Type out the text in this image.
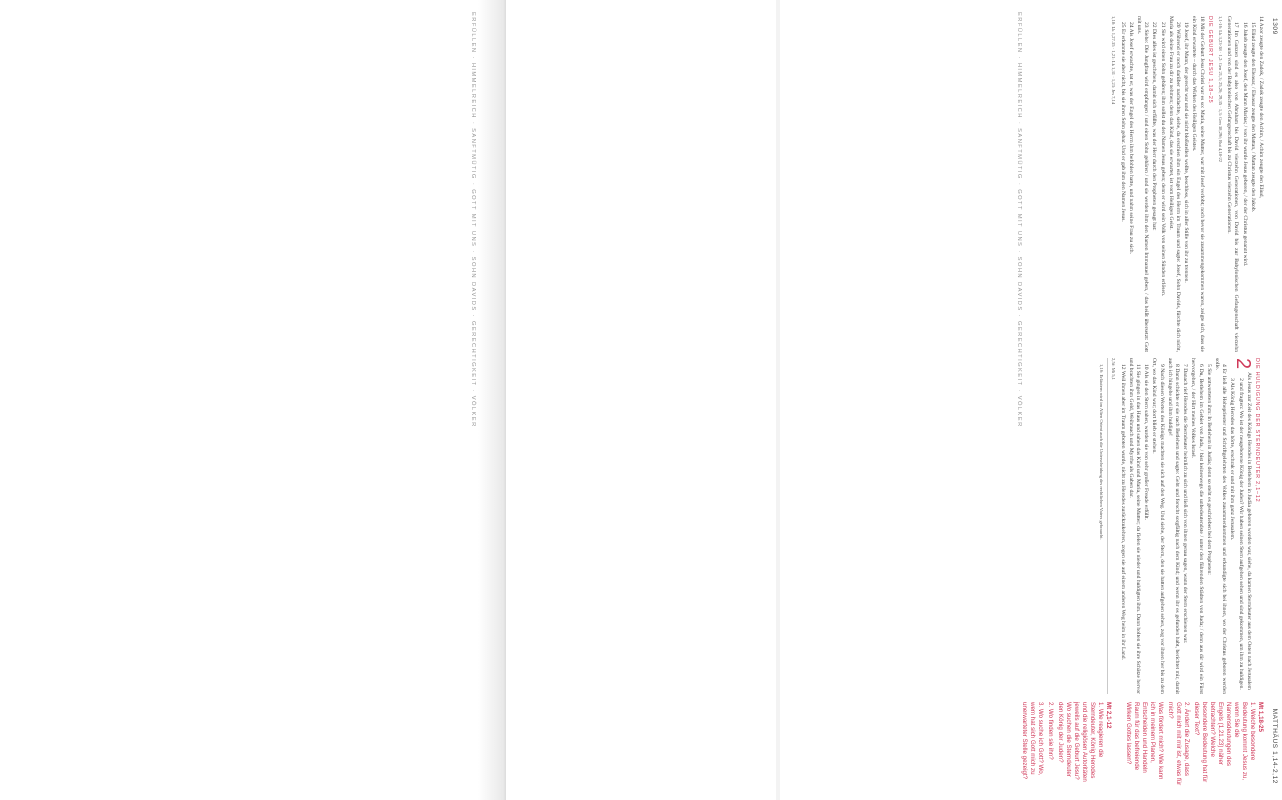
ERFÜLLEN · HIMMELREICH · SANFTMÜTIG · GOTT MIT UNS · SOHN DAVIDS · GERECHTIGKEIT · VÖLKER	1309
MATTHÄUS 1,14-2,12

14 Azor zeugte den Zadok, / Zadok zeugte den Achim, / Achim zeugte den Eliud,

15 Eliud zeugte den Eleasar, / Eleasar zeugte den Mattan, / Mattan zeugte den Jakob.

16 Jakob zeugte den Josef, den Mann Marias; / von ihr wurde Jesus geboren, / der der Christus genannt wird.

17 Im Ganzen sind es also von Abraham bis David vierzehn Generationen, von David bis zur Babylonischen Gefangenschaft vierzehn Generationen und von der Babylonischen Gefangenschaft bis zu Christus vierzehn Generationen.

1,1-16: Lk 3,23-38 · 1,2: Gen 21,3; 25,26; 29,35 · 1,3: Gen 38,29f; Rut 4,18-22

DIE GEBURT JESU 1,18–25

18 Mit der Geburt Jesu Christi war es so: Maria, seine Mutter, war mit Josef verlobt; noch bevor sie zusammengekommen waren, zeigte sich, dass sie ein Kind erwartete – durch das Wirken des Heiligen Geistes.

19 Josef, ihr Mann, der gerecht war und sie nicht bloßstellen wollte, beschloss, sich in aller Stille von ihr zu trennen.

20 Während er noch darüber nachdachte, siehe, da erschien ihm ein Engel des Herrn im Traum und sagte: Josef, Sohn Davids, fürchte dich nicht, Maria als deine Frau zu dir zu nehmen; denn das Kind, das sie erwartet, ist vom Heiligen Geist.

21 Sie wird einen Sohn gebären; ihm sollst du den Namen Jesus geben; denn er wird sein Volk von seinen Sünden erlösen.

22 Dies alles ist geschehen, damit sich erfüllte, was der Herr durch den Propheten gesagt hat:

23 Siehe: Die Jungfrau wird empfangen / und einen Sohn gebären / und sie werden ihm den Namen Immanuel geben, / das heißt übersetzt: Gott mit uns.

24 Als Josef erwachte, tat er, was der Engel des Herrn ihm befohlen hatte, und nahm seine Frau zu sich.

25 Er erkannte sie aber nicht, bis sie ihren Sohn gebar. Und er gab ihm den Namen Jesus.

1,18: Lk 1,27.35 · 1,21: Lk 1,31 · 1,23: Jes 7,14

DIE HULDIGUNG DER STERNDEUTER 2,1–12

2
Als Jesus zur Zeit des Königs Herodes in Betlehem in Judäa geboren worden war, siehe, da kamen Sterndeuter aus dem Osten nach Jerusalem

2 und fragten: Wo ist der neugeborene König der Juden? Wir haben seinen Stern aufgehen sehen und sind gekommen, um ihm zu huldigen.

3 Als König Herodes das hörte, erschrak er und mit ihm ganz Jerusalem.

4 Er ließ alle Hohepriester und Schriftgelehrten des Volkes zusammenkommen und erkundigte sich bei ihnen, wo der Christus geboren werden solle.

5 Sie antworteten ihm: In Betlehem in Judäa; denn so steht es geschrieben bei dem Propheten:

6 Du, Betlehem im Gebiet von Juda, / bist keineswegs die unbedeutendste / unter den führenden Städten von Juda; / denn aus dir wird ein Fürst hervorgehen, / der Hirt meines Volkes Israel.

7 Danach rief Herodes die Sterndeuter heimlich zu sich und ließ sich von ihnen genau sagen, wann der Stern erschienen war.

8 Dann schickte er sie nach Betlehem und sagte: Geht und forscht sorgfältig nach dem Kind; und wenn ihr es gefunden habt, berichtet mir, damit auch ich hingehe und ihm huldige!

9 Nach diesen Worten des Königs machten sie sich auf den Weg. Und siehe, der Stern, den sie hatten aufgehen sehen, zog vor ihnen her bis zu dem Ort, wo das Kind war; dort blieb er stehen.

10 Als sie den Stern sahen, wurden sie von sehr großer Freude erfüllt.

11 Sie gingen in das Haus und sahen das Kind und Maria, seine Mutter; da fielen sie nieder und huldigten ihm. Dann holten sie ihre Schätze hervor und brachten ihm Gold, Weihrauch und Myrrhe als Gaben dar.

12 Weil ihnen aber im Traum geboten wurde, nicht zu Herodes zurückzukehren, zogen sie auf einem anderen Weg heim in ihr Land.

2,5f: Mi 5,1

1,16: Erläutern wird im Alten Orient auch die Unterscheidung des rechtlichen Vaters gebraucht.

Mt 1,18-25
1. Welche besondere Bedeutung kommt Jesus zu, wenn Sie die Namensdeutungen des Engels (1,21.23) näher betrachten? Welche besondere Bedeutung hat für dieser Text?
2. Ändert die Zusage, dass Gott mich mit mir ist, etwas für mich?
Was fördert mich? Wie kann ich in meinem Planen, Entscheiden und Handeln Raum für das befreiende Wirken Gottes lassen?
Mt 2,1-12
1. Wie reagieren die Sterndeuter, König Herodes und die religiösen Autoritäten jeweils auf die Geburt Jesu? Wo suchen die Sterndeuter den König der Juden?
2. Wo finden sie ihn?
3. Wo suche ich Gott? Wo, wem hat sich Gott mich zu unerwarteter Stelle gezeigt?
ERFÜLLEN · HIMMELREICH · SANFTMÜTIG · GOTT MIT UNS · SOHN DAVIDS · GERECHTIGKEIT · VÖLKER
